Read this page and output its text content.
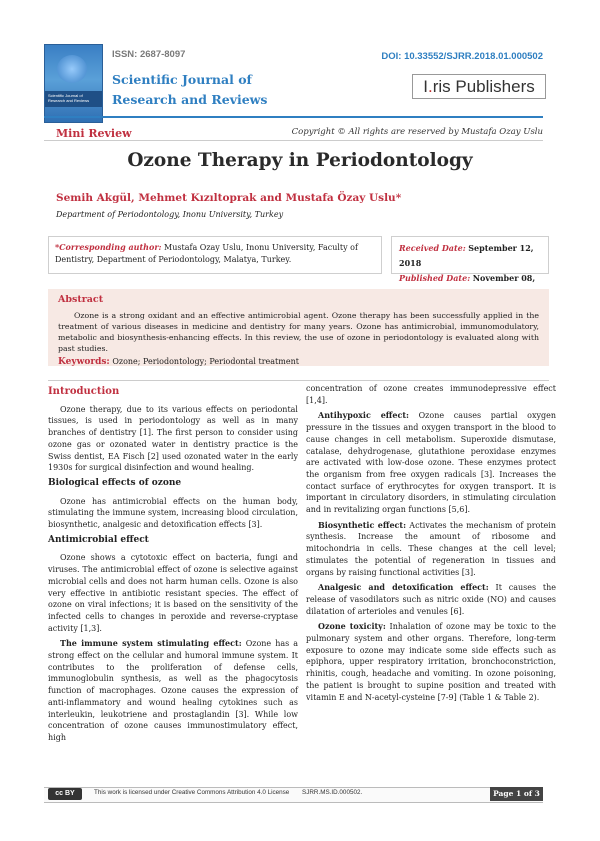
Scientific Journal of Research and Reviews
ISSN: 2687-8097
Scientific Journal of
Research and Reviews
DOI: 10.33552/SJRR.2018.01.000502
I.ris Publishers
Mini Review	Copyright © All rights are reserved by Mustafa Ozay Uslu
Ozone Therapy in Periodontology
Semih Akgül, Mehmet Kızıltoprak and Mustafa Özay Uslu*
Department of Periodontology, Inonu University, Turkey
*Corresponding author: Mustafa Ozay Uslu, Inonu University, Faculty of Dentistry, Department of Periodontology, Malatya, Turkey.
Received Date: September 12, 2018
Published Date: November 08,
Abstract
Ozone is a strong oxidant and an effective antimicrobial agent. Ozone therapy has been successfully applied in the treatment of various diseases in medicine and dentistry for many years. Ozone has antimicrobial, immunomodulatory, metabolic and biosynthesis-enhancing effects. In this review, the use of ozone in periodontology is evaluated along with past studies.
Keywords: Ozone; Periodontology; Periodontal treatment
Introduction

Ozone therapy, due to its various effects on periodontal tissues, is used in periodontology as well as in many branches of dentistry [1]. The first person to consider using ozone gas or ozonated water in dentistry practice is the Swiss dentist, EA Fisch [2] used ozonated water in the early 1930s for surgical disinfection and wound healing.

Biological effects of ozone

Ozone has antimicrobial effects on the human body, stimulating the immune system, increasing blood circulation, biosynthetic, analgesic and detoxification effects [3].

Antimicrobial effect

Ozone shows a cytotoxic effect on bacteria, fungi and viruses. The antimicrobial effect of ozone is selective against microbial cells and does not harm human cells. Ozone is also very effective in antibiotic resistant species. The effect of ozone on viral infections; it is based on the sensitivity of the infected cells to changes in peroxide and reverse-cryptase activity [1,3].

The immune system stimulating effect: Ozone has a strong effect on the cellular and humoral immune system. It contributes to the proliferation of defense cells, immunoglobulin synthesis, as well as the phagocytosis function of macrophages. Ozone causes the expression of anti-inflammatory and wound healing cytokines such as interleukin, leukotriene and prostaglandin [3]. While low concentration of ozone causes immunostimulatory effect, high

concentration of ozone creates immunodepressive effect [1,4].

Antihypoxic effect: Ozone causes partial oxygen pressure in the tissues and oxygen transport in the blood to cause changes in cell metabolism. Superoxide dismutase, catalase, dehydrogenase, glutathione peroxidase enzymes are activated with low-dose ozone. These enzymes protect the organism from free oxygen radicals [3]. Increases the contact surface of erythrocytes for oxygen transport. It is important in circulatory disorders, in stimulating circulation and in revitalizing organ functions [5,6].

Biosynthetic effect: Activates the mechanism of protein synthesis. Increase the amount of ribosome and mitochondria in cells. These changes at the cell level; stimulates the potential of regeneration in tissues and organs by raising functional activities [3].

Analgesic and detoxification effect: It causes the release of vasodilators such as nitric oxide (NO) and causes dilatation of arterioles and venules [6].

Ozone toxicity: Inhalation of ozone may be toxic to the pulmonary system and other organs. Therefore, long-term exposure to ozone may indicate some side effects such as epiphora, upper respiratory irritation, bronchoconstriction, rhinitis, cough, headache and vomiting. In ozone poisoning, the patient is brought to supine position and treated with vitamin E and N-acetyl-cysteine [7-9] (Table 1 & Table 2).

cc BY	This work is licensed under Creative Commons Attribution 4.0 License SJRR.MS.ID.000502.	Page 1 of 3
